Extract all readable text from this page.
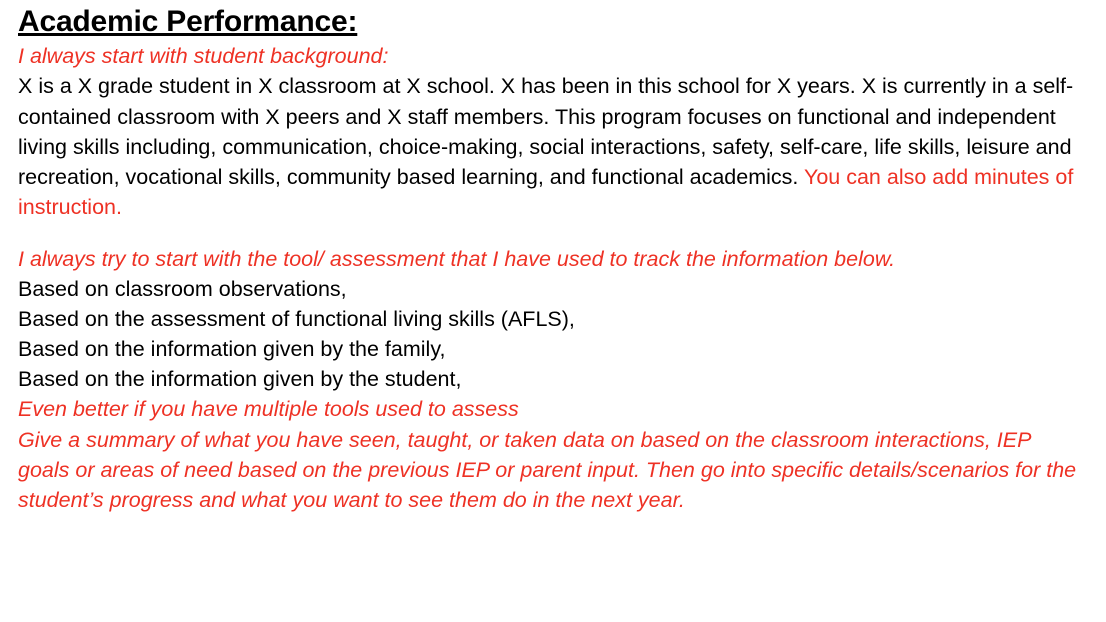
Academic Performance:

I always start with student background:

X is a X grade student in X classroom at X school. X has been in this school for X years. X is currently in a self-contained classroom with X peers and X staff members. This program focuses on functional and independent living skills including, communication, choice-making, social interactions, safety, self-care, life skills, leisure and recreation, vocational skills, community based learning, and functional academics. You can also add minutes of instruction.

I always try to start with the tool/ assessment that I have used to track the information below.

Based on classroom observations,
Based on the assessment of functional living skills (AFLS),
Based on the information given by the family,
Based on the information given by the student,

Even better if you have multiple tools used to assess

Give a summary of what you have seen, taught, or taken data on based on the classroom interactions, IEP goals or areas of need based on the previous IEP or parent input. Then go into specific details/scenarios for the student’s progress and what you want to see them do in the next year.
